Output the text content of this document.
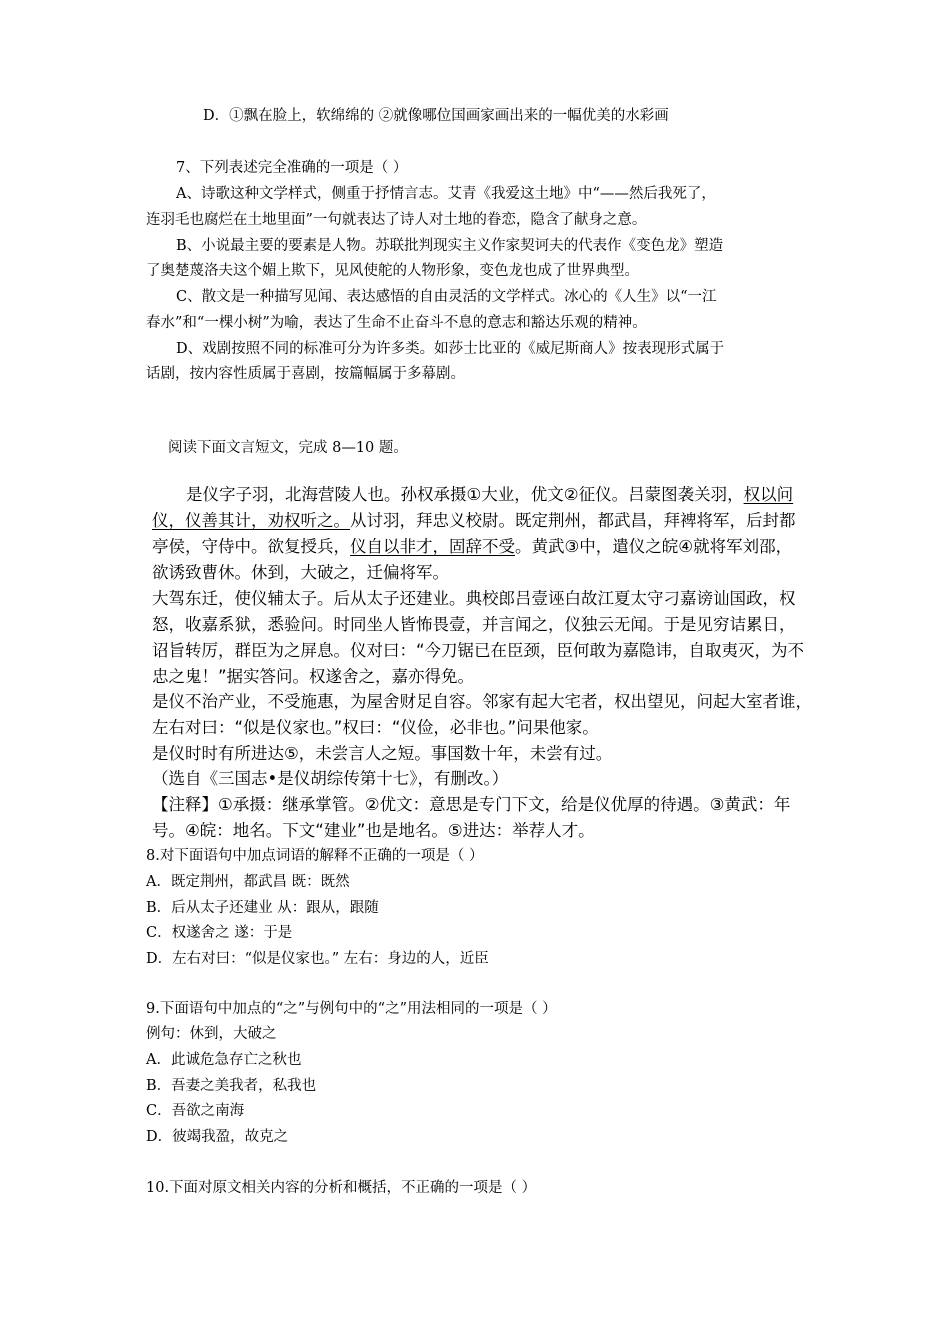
D．①飘在脸上，软绵绵的 ②就像哪位国画家画出来的一幅优美的水彩画
7、下列表述完全准确的一项是（ ）
A、诗歌这种文学样式，侧重于抒情言志。艾青《我爱这土地》中“——然后我死了，
连羽毛也腐烂在土地里面”一句就表达了诗人对土地的眷恋，隐含了献身之意。
B、小说最主要的要素是人物。苏联批判现实主义作家契诃夫的代表作《变色龙》塑造
了奥楚蔑洛夫这个媚上欺下，见风使舵的人物形象，变色龙也成了世界典型。
C、散文是一种描写见闻、表达感悟的自由灵活的文学样式。冰心的《人生》以“一江
春水”和“一棵小树”为喻，表达了生命不止奋斗不息的意志和豁达乐观的精神。
D、戏剧按照不同的标准可分为许多类。如莎士比亚的《威尼斯商人》按表现形式属于
话剧，按内容性质属于喜剧，按篇幅属于多幕剧。
阅读下面文言短文，完成 8—10 题。
是仪字子羽，北海营陵人也。孙权承摄①大业，优文②征仪。吕蒙图袭关羽，权以问
仪，仪善其计，劝权听之。从讨羽，拜忠义校尉。既定荆州，都武昌，拜裨将军，后封都
亭侯，守侍中。欲复授兵，仪自以非才，固辞不受。黄武③中，遣仪之皖④就将军刘邵，
欲诱致曹休。休到，大破之，迁偏将军。
大驾东迁，使仪辅太子。后从太子还建业。典校郎吕壹诬白故江夏太守刁嘉谤讪国政，权
怒，收嘉系狱，悉验问。时同坐人皆怖畏壹，并言闻之，仪独云无闻。于是见穷诘累日，
诏旨转厉，群臣为之屏息。仪对曰：“今刀锯已在臣颈，臣何敢为嘉隐讳，自取夷灭，为不
忠之鬼！”据实答问。权遂舍之，嘉亦得免。
是仪不治产业，不受施惠，为屋舍财足自容。邻家有起大宅者，权出望见，问起大室者谁，
左右对曰：“似是仪家也。”权曰：“仪俭，必非也。”问果他家。
是仪时时有所进达⑤，未尝言人之短。事国数十年，未尝有过。
（选自《三国志•是仪胡综传第十七》，有删改。）
【注释】①承摄：继承掌管。②优文：意思是专门下文，给是仪优厚的待遇。③黄武：年
号。④皖：地名。下文“建业”也是地名。⑤进达：举荐人才。
8.对下面语句中加点词语的解释不正确的一项是（ ）
A．既定荆州，都武昌 既：既然
B．后从太子还建业 从：跟从，跟随
C．权遂舍之 遂：于是
D．左右对曰：“似是仪家也。” 左右：身边的人，近臣
9.下面语句中加点的“之”与例句中的“之”用法相同的一项是（ ）
例句：休到，大破之
A．此诚危急存亡之秋也
B．吾妻之美我者，私我也
C．吾欲之南海
D．彼竭我盈，故克之
10.下面对原文相关内容的分析和概括，不正确的一项是（ ）
